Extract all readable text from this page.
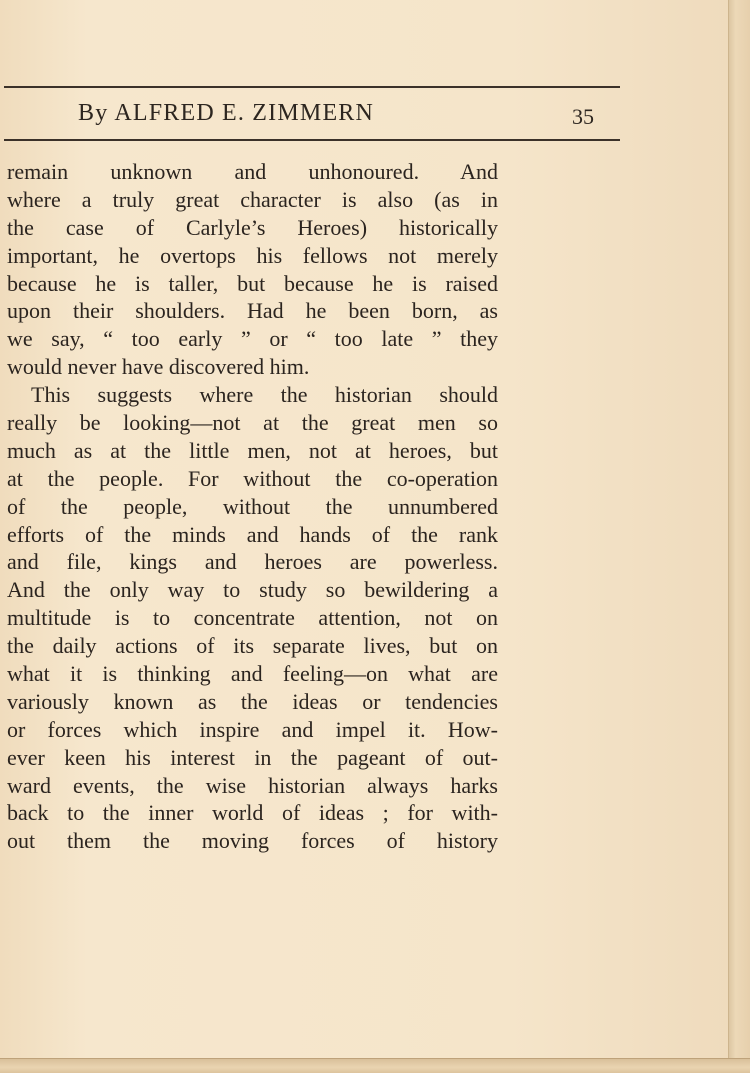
By ALFRED E. ZIMMERN	35
remain unknown and unhonoured. And
where a truly great character is also (as in
the case of Carlyle’s Heroes) historically
important, he overtops his fellows not merely
because he is taller, but because he is raised
upon their shoulders. Had he been born, as
we say, “ too early ” or “ too late ” they
would never have discovered him.
This suggests where the historian should
really be looking—not at the great men so
much as at the little men, not at heroes, but
at the people. For without the co-operation
of the people, without the unnumbered
efforts of the minds and hands of the rank
and file, kings and heroes are powerless.
And the only way to study so bewildering a
multitude is to concentrate attention, not on
the daily actions of its separate lives, but on
what it is thinking and feeling—on what are
variously known as the ideas or tendencies
or forces which inspire and impel it. How-
ever keen his interest in the pageant of out-
ward events, the wise historian always harks
back to the inner world of ideas ; for with-
out them the moving forces of history
